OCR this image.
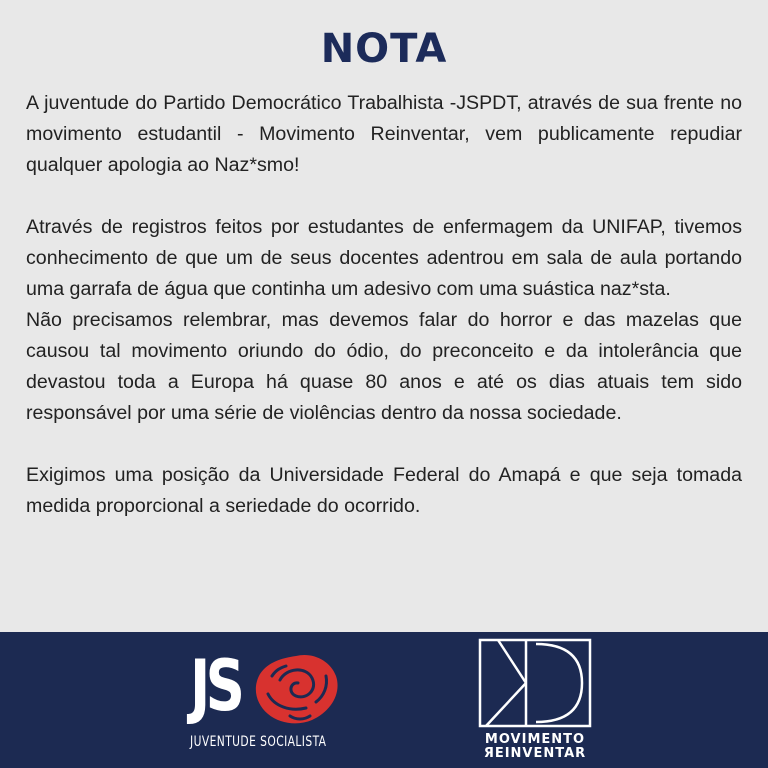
NOTA

A juventude do Partido Democrático Trabalhista -JSPDT, através de sua frente no movimento estudantil - Movimento Reinventar, vem publicamente repudiar qualquer apologia ao Naz*smo!

Através de registros feitos por estudantes de enfermagem da UNIFAP, tivemos conhecimento de que um de seus docentes adentrou em sala de aula portando uma garrafa de água que continha um adesivo com uma suástica naz*sta.

Não precisamos relembrar, mas devemos falar do horror e das mazelas que causou tal movimento oriundo do ódio, do preconceito e da intolerância que devastou toda a Europa há quase 80 anos e até os dias atuais tem sido responsável por uma série de violências dentro da nossa sociedade.

Exigimos uma posição da Universidade Federal do Amapá e que seja tomada medida proporcional a seriedade do ocorrido.

JS
JUVENTUDE SOCIALISTA	MOVIMENTO
ЯEINVENTAR
